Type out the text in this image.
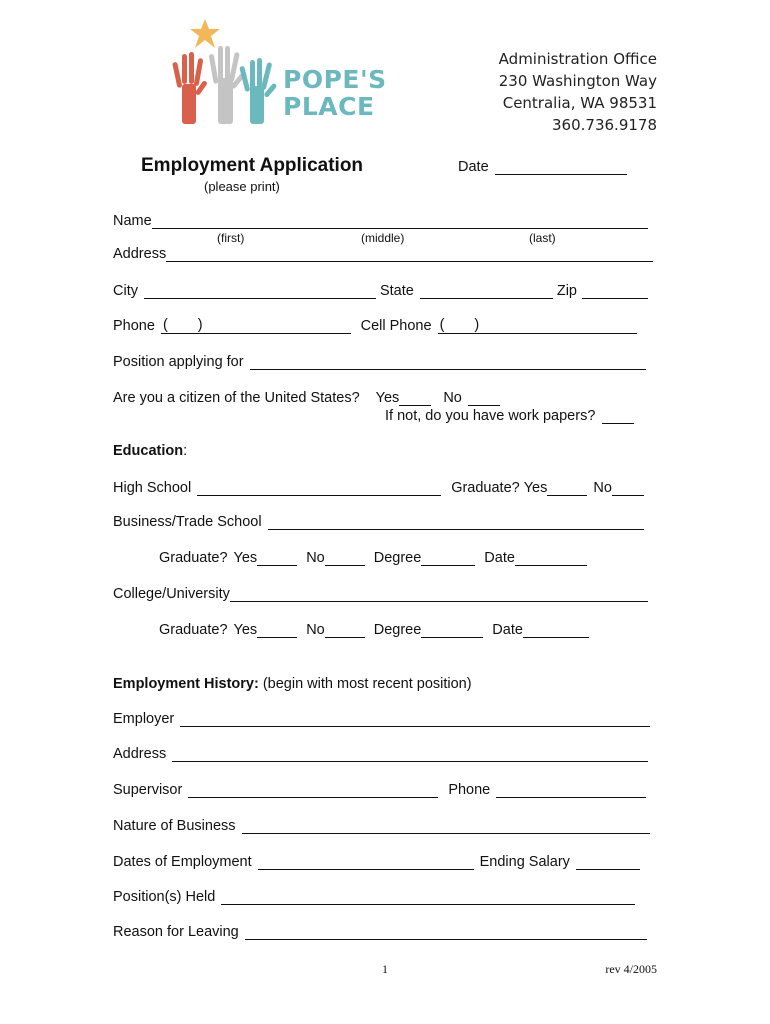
POPE'S
PLACE
Administration Office
230 Washington Way
Centralia, WA 98531
360.736.9178
Employment Application
(please print)
Date
Name
(first)	(middle)	(last)
Address
City	State	Zip
Phone ( )	Cell Phone ( )
Position applying for
Are you a citizen of the United States? Yes	No
If not, do you have work papers?
Education :
High School	Graduate? Yes	No
Business/Trade School
Graduate? Yes	No	Degree	Date
College/University
Graduate? Yes	No	Degree	Date
Employment History: (begin with most recent position)
Employer
Address
Supervisor	Phone
Nature of Business
Dates of Employment	Ending Salary
Position(s) Held
Reason for Leaving
1	rev 4/2005
